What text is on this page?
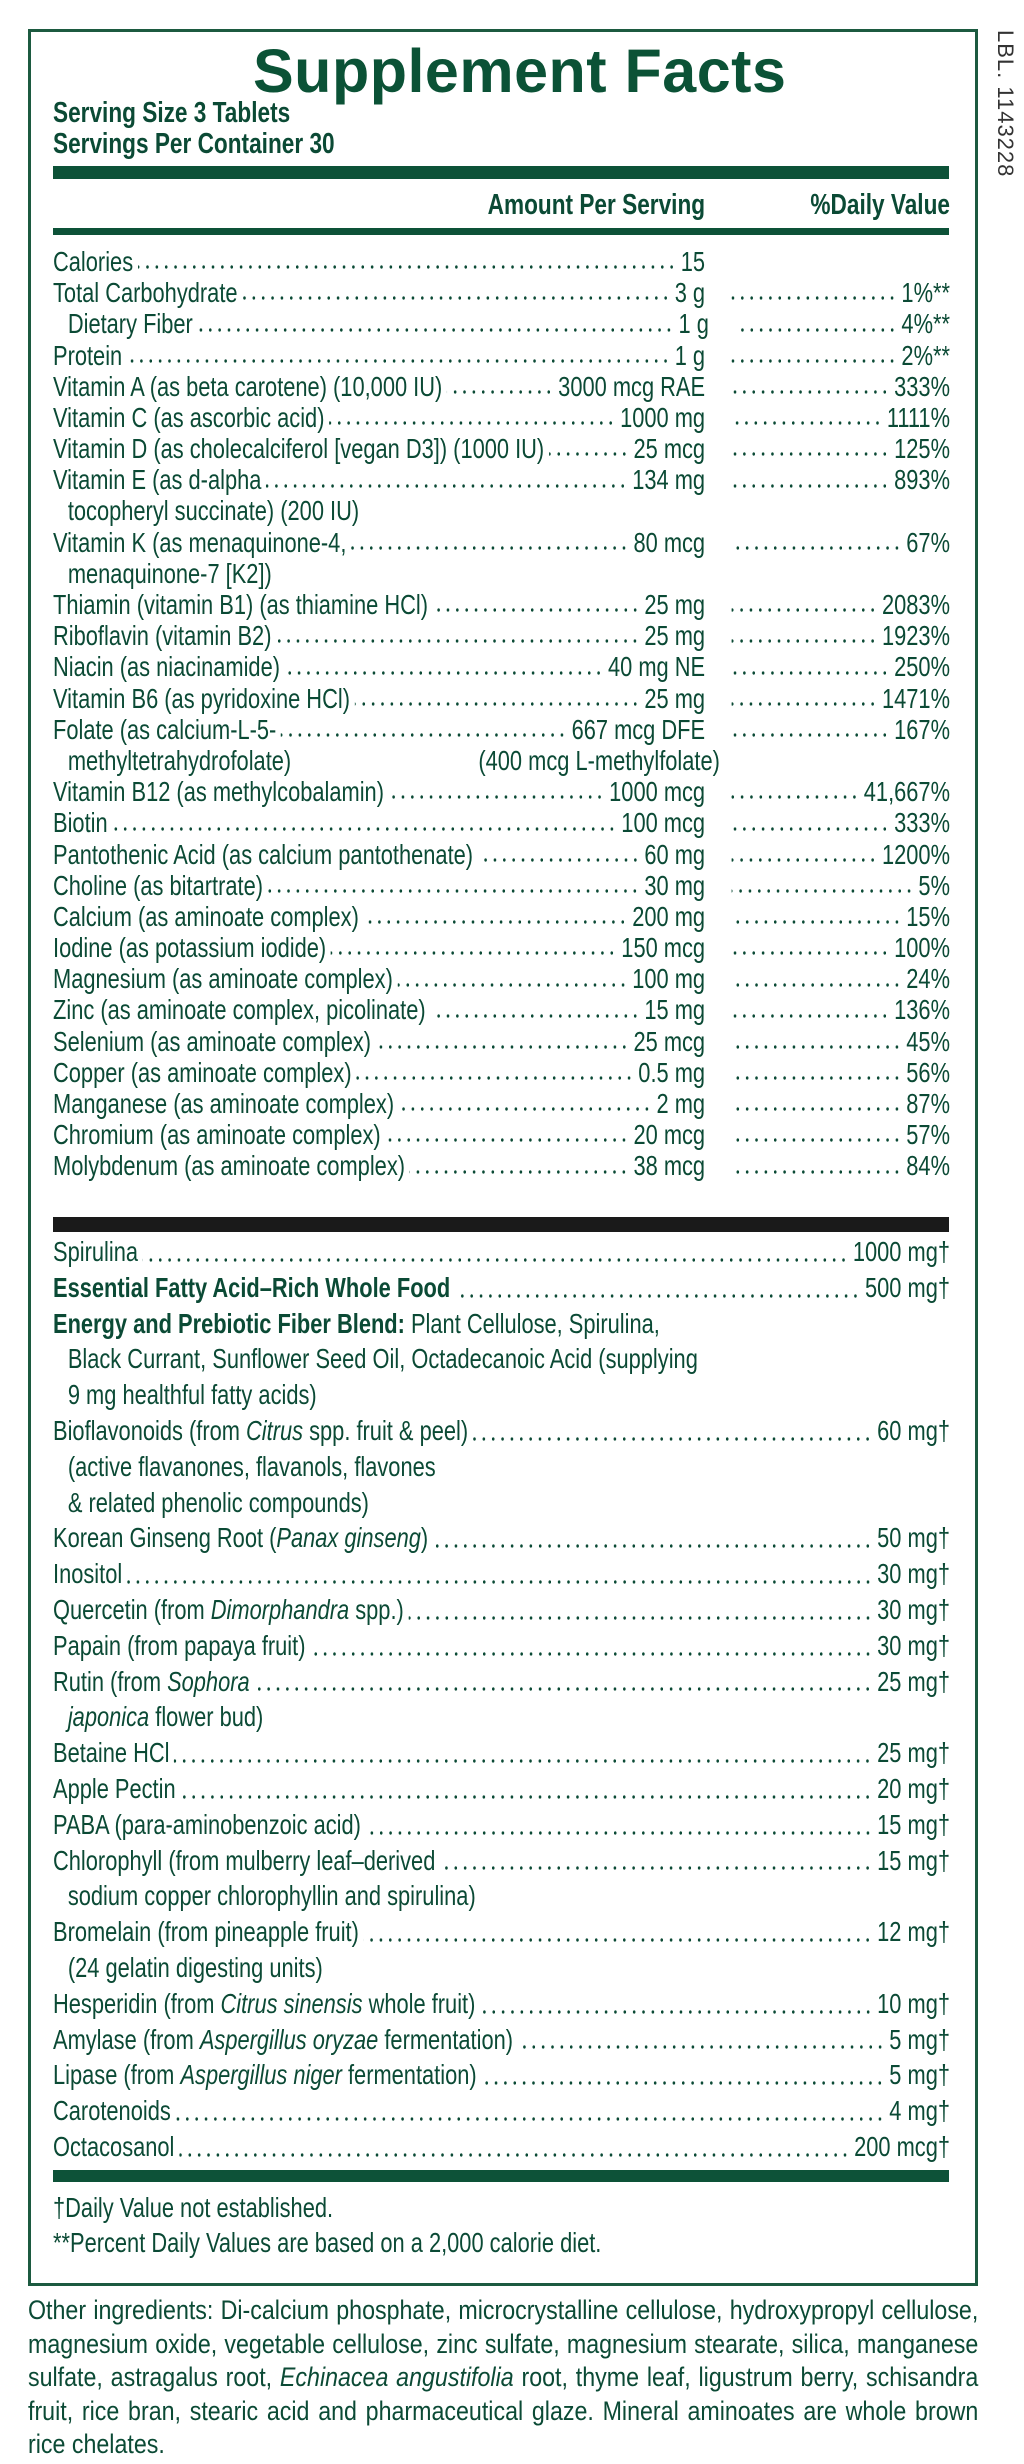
LBL. 1143228
Supplement Facts
Serving Size 3 Tablets
Servings Per Container 30
Amount Per Serving	%Daily Value
Calories	15
Total Carbohydrate	3 g	1%**
Dietary Fiber	1 g	4%**
Protein	1 g	2%**
Vitamin A (as beta carotene) (10,000 IU)	3000 mcg RAE	333%
Vitamin C (as ascorbic acid)	1000 mg	1111%
Vitamin D (as cholecalciferol [vegan D3]) (1000 IU)	25 mcg	125%
Vitamin E (as d-alpha	134 mg	893%
tocopheryl succinate) (200 IU)
Vitamin K (as menaquinone-4,	80 mcg	67%
menaquinone-7 [K2])
Thiamin (vitamin B1) (as thiamine HCl)	25 mg	2083%
Riboflavin (vitamin B2)	25 mg	1923%
Niacin (as niacinamide)	40 mg NE	250%
Vitamin B6 (as pyridoxine HCl)	25 mg	1471%
Folate (as calcium-L-5-	667 mcg DFE	167%
methyltetrahydrofolate)	(400 mcg L-methylfolate)
Vitamin B12 (as methylcobalamin)	1000 mcg	41,667%
Biotin	100 mcg	333%
Pantothenic Acid (as calcium pantothenate)	60 mg	1200%
Choline (as bitartrate)	30 mg	5%
Calcium (as aminoate complex)	200 mg	15%
Iodine (as potassium iodide)	150 mcg	100%
Magnesium (as aminoate complex)	100 mg	24%
Zinc (as aminoate complex, picolinate)	15 mg	136%
Selenium (as aminoate complex)	25 mcg	45%
Copper (as aminoate complex)	0.5 mg	56%
Manganese (as aminoate complex)	2 mg	87%
Chromium (as aminoate complex)	20 mcg	57%
Molybdenum (as aminoate complex)	38 mcg	84%
Spirulina	1000 mg†
Essential Fatty Acid–Rich Whole Food	500 mg†
Energy and Prebiotic Fiber Blend: Plant Cellulose, Spirulina,
Black Currant, Sunflower Seed Oil, Octadecanoic Acid (supplying
9 mg healthful fatty acids)
Bioflavonoids (from Citrus spp. fruit & peel)	60 mg†
(active flavanones, flavanols, flavones
& related phenolic compounds)
Korean Ginseng Root (Panax ginseng)	50 mg†
Inositol	30 mg†
Quercetin (from Dimorphandra spp.)	30 mg†
Papain (from papaya fruit)	30 mg†
Rutin (from Sophora	25 mg†
japonica flower bud)
Betaine HCl	25 mg†
Apple Pectin	20 mg†
PABA (para-aminobenzoic acid)	15 mg†
Chlorophyll (from mulberry leaf–derived	15 mg†
sodium copper chlorophyllin and spirulina)
Bromelain (from pineapple fruit)	12 mg†
(24 gelatin digesting units)
Hesperidin (from Citrus sinensis whole fruit)	10 mg†
Amylase (from Aspergillus oryzae fermentation)	5 mg†
Lipase (from Aspergillus niger fermentation)	5 mg†
Carotenoids	4 mg†
Octacosanol	200 mcg†
†Daily Value not established.
**Percent Daily Values are based on a 2,000 calorie diet.
Other ingredients: Di-calcium phosphate, microcrystalline cellulose, hydroxypropyl cellulose, magnesium oxide, vegetable cellulose, zinc sulfate, magnesium stearate, silica, manganese sulfate, astragalus root, Echinacea angustifolia root, thyme leaf, ligustrum berry, schisandra fruit, rice bran, stearic acid and pharmaceutical glaze. Mineral aminoates are whole brown rice chelates.
